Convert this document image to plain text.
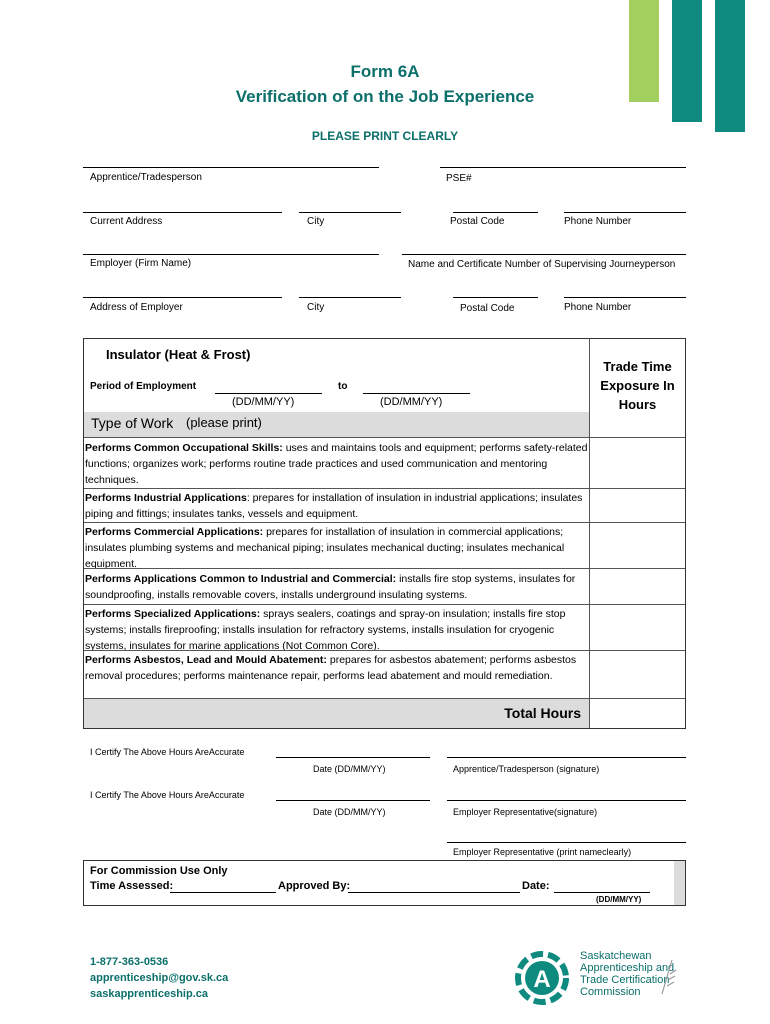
Form 6A
Verification of on the Job Experience
PLEASE PRINT CLEARLY
Apprentice/Tradesperson	PSE#
Current Address	City	Postal Code	Phone Number
Employer (Firm Name)	Name and Certificate Number of Supervising Journeyperson
Address of Employer	City	Postal Code	Phone Number
Insulator (Heat & Frost)
Period of Employment	to
(DD/MM/YY)	(DD/MM/YY)
Trade Time Exposure In Hours
Type of Work (please print)
Performs Common Occupational Skills: uses and maintains tools and equipment; performs safety-related functions; organizes work; performs routine trade practices and used communication and mentoring techniques.
Performs Industrial Applications: prepares for installation of insulation in industrial applications; insulates piping and fittings; insulates tanks, vessels and equipment.
Performs Commercial Applications: prepares for installation of insulation in commercial applications; insulates plumbing systems and mechanical piping; insulates mechanical ducting; insulates mechanical equipment.
Performs Applications Common to Industrial and Commercial: installs fire stop systems, insulates for soundproofing, installs removable covers, installs underground insulating systems.
Performs Specialized Applications: sprays sealers, coatings and spray-on insulation; installs fire stop systems; installs fireproofing; installs insulation for refractory systems, installs insulation for cryogenic systems, insulates for marine applications (Not Common Core).
Performs Asbestos, Lead and Mould Abatement: prepares for asbestos abatement; performs asbestos removal procedures; performs maintenance repair, performs lead abatement and mould remediation.
Total Hours
I Certify The Above Hours AreAccurate
Date (DD/MM/YY)	Apprentice/Tradesperson (signature)
I Certify The Above Hours AreAccurate
Date (DD/MM/YY)	Employer Representative(signature)
Employer Representative (print nameclearly)
For Commission Use Only
Time Assessed:	Approved By:	Date:
(DD/MM/YY)
1-877-363-0536
apprenticeship@gov.sk.ca
saskapprenticeship.ca
A
Saskatchewan
Apprenticeship and
Trade Certification
Commission
